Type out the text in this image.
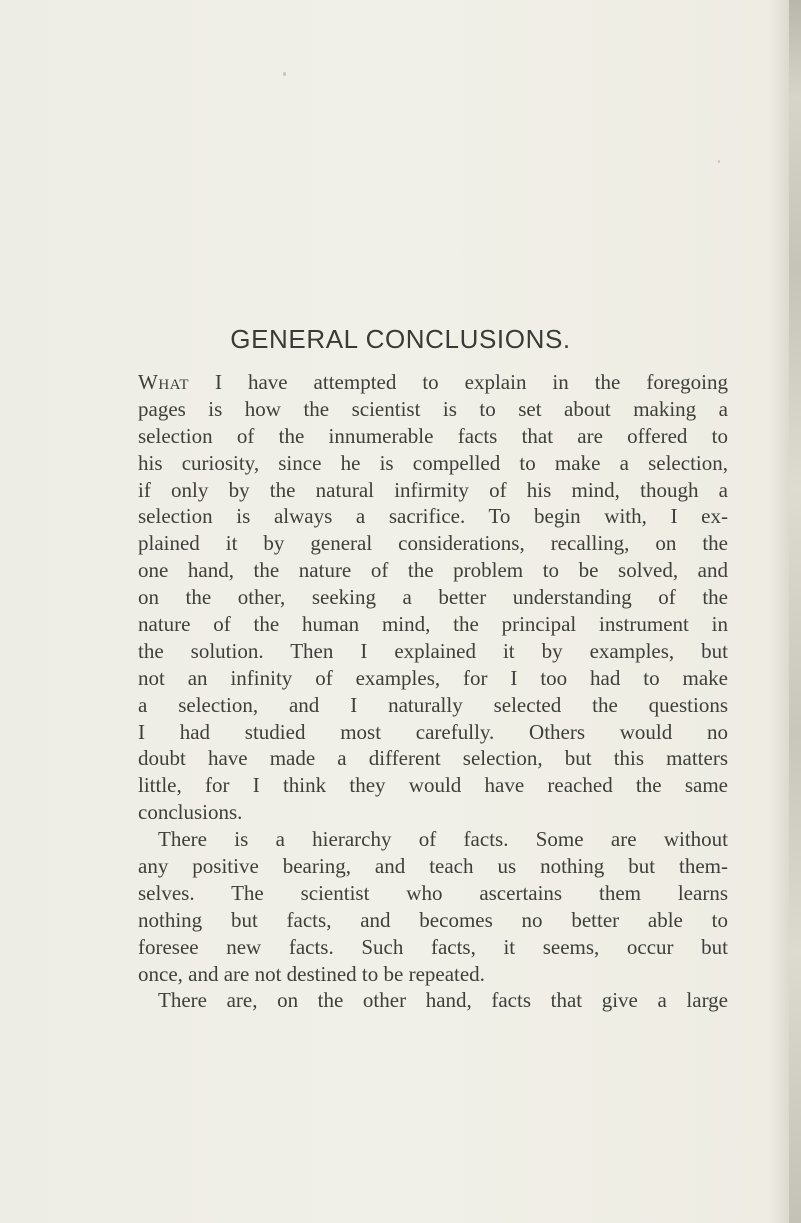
GENERAL CONCLUSIONS.
What I have attempted to explain in the foregoing
pages is how the scientist is to set about making a
selection of the innumerable facts that are offered to
his curiosity, since he is compelled to make a selection,
if only by the natural infirmity of his mind, though a
selection is always a sacrifice. To begin with, I ex-
plained it by general considerations, recalling, on the
one hand, the nature of the problem to be solved, and
on the other, seeking a better understanding of the
nature of the human mind, the principal instrument in
the solution. Then I explained it by examples, but
not an infinity of examples, for I too had to make
a selection, and I naturally selected the questions
I had studied most carefully. Others would no
doubt have made a different selection, but this matters
little, for I think they would have reached the same
conclusions.
There is a hierarchy of facts. Some are without
any positive bearing, and teach us nothing but them-
selves. The scientist who ascertains them learns
nothing but facts, and becomes no better able to
foresee new facts. Such facts, it seems, occur but
once, and are not destined to be repeated.
There are, on the other hand, facts that give a large
